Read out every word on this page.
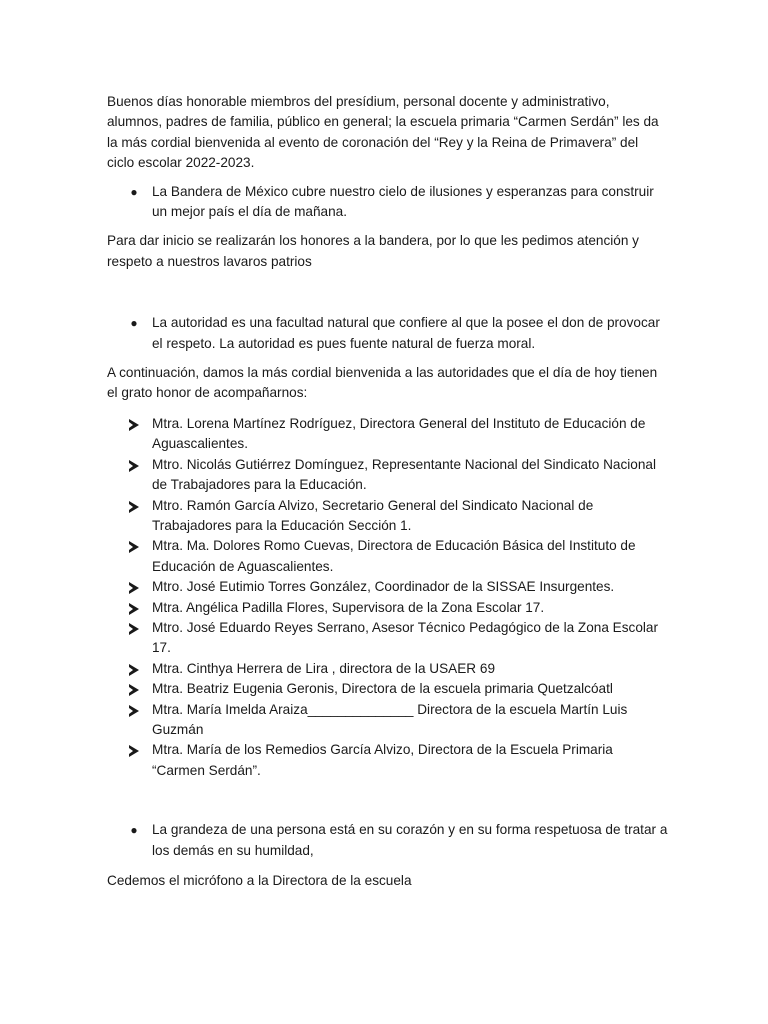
Buenos días honorable miembros del presídium, personal docente y administrativo, alumnos, padres de familia, público en general; la escuela primaria “Carmen Serdán” les da la más cordial bienvenida al evento de coronación del “Rey y la Reina de Primavera” del ciclo escolar 2022-2023.

● La Bandera de México cubre nuestro cielo de ilusiones y esperanzas para construir un mejor país el día de mañana.

Para dar inicio se realizarán los honores a la bandera, por lo que les pedimos atención y respeto a nuestros lavaros patrios

● La autoridad es una facultad natural que confiere al que la posee el don de provocar el respeto. La autoridad es pues fuente natural de fuerza moral.

A continuación, damos la más cordial bienvenida a las autoridades que el día de hoy tienen el grato honor de acompañarnos:

Mtra. Lorena Martínez Rodríguez, Directora General del Instituto de Educación de Aguascalientes.
Mtro. Nicolás Gutiérrez Domínguez, Representante Nacional del Sindicato Nacional de Trabajadores para la Educación.
Mtro. Ramón García Alvizo, Secretario General del Sindicato Nacional de Trabajadores para la Educación Sección 1.
Mtra. Ma. Dolores Romo Cuevas, Directora de Educación Básica del Instituto de Educación de Aguascalientes.
Mtro. José Eutimio Torres González, Coordinador de la SISSAE Insurgentes.
Mtra. Angélica Padilla Flores, Supervisora de la Zona Escolar 17.
Mtro. José Eduardo Reyes Serrano, Asesor Técnico Pedagógico de la Zona Escolar 17.
Mtra. Cinthya Herrera de Lira , directora de la USAER 69
Mtra. Beatriz Eugenia Geronis, Directora de la escuela primaria Quetzalcóatl
Mtra. María Imelda Araiza______________ Directora de la escuela Martín Luis Guzmán
Mtra. María de los Remedios García Alvizo, Directora de la Escuela Primaria “Carmen Serdán”.

● La grandeza de una persona está en su corazón y en su forma respetuosa de tratar a los demás en su humildad,

Cedemos el micrófono a la Directora de la escuela
